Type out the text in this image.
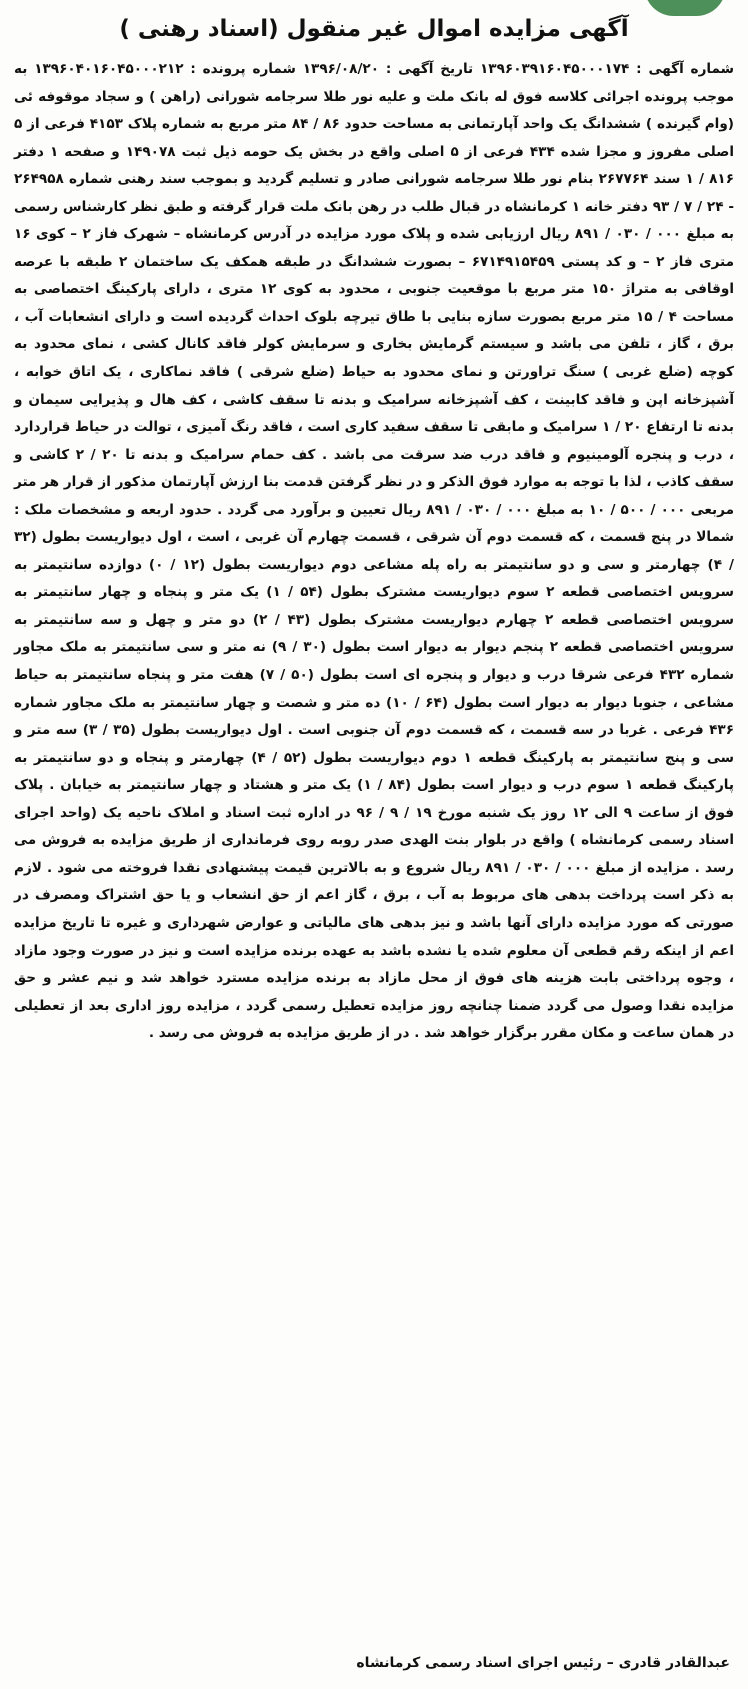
آگهی مزایده اموال غیر منقول (اسناد رهنی )
شماره آگهی : ۱۳۹۶۰۳۹۱۶۰۴۵۰۰۰۱۷۴ تاریخ آگهی : ۱۳۹۶/۰۸/۲۰ شماره پرونده : ۱۳۹۶۰۴۰۱۶۰۴۵۰۰۰۲۱۲ به موجب پرونده اجرائی کلاسه فوق له بانک ملت و علیه نور طلا سرجامه شورانی (راهن ) و سجاد موقوفه ئی (وام گیرنده ) ششدانگ یک واحد آپارتمانی به مساحت حدود ۸۶ / ۸۴ متر مربع به شماره پلاک ۴۱۵۳ فرعی از ۵ اصلی مفروز و مجزا شده ۴۳۴ فرعی از ۵ اصلی واقع در بخش یک حومه ذیل ثبت ۱۴۹۰۷۸ و صفحه ۱ دفتر ۸۱۶ / ۱ سند ۲۶۷۷۶۴ بنام نور طلا سرجامه شورانی صادر و تسلیم گردید و بموجب سند رهنی شماره ۲۶۴۹۵۸ - ۲۴ / ۷ / ۹۳ دفتر خانه ۱ کرمانشاه در قبال طلب در رهن بانک ملت قرار گرفته و طبق نظر کارشناس رسمی به مبلغ ۰۰۰ / ۰۳۰ / ۸۹۱ ریال ارزیابی شده و پلاک مورد مزایده در آدرس کرمانشاه – شهرک فاز ۲ – کوی ۱۶ متری فاز ۲ – و کد پستی ۶۷۱۴۹۱۵۴۵۹ – بصورت ششدانگ در طبقه همکف یک ساختمان ۲ طبقه با عرصه اوقافی به متراژ ۱۵۰ متر مربع با موقعیت جنوبی ، محدود به کوی ۱۲ متری ، دارای پارکینگ اختصاصی به مساحت ۴ / ۱۵ متر مربع بصورت سازه بنایی با طاق تیرچه بلوک احداث گردیده است و دارای انشعابات آب ، برق ، گاز ، تلفن می باشد و سیستم گرمایش بخاری و سرمایش کولر فاقد کانال کشی ، نمای محدود به کوچه (ضلع غربی ) سنگ تراورتن و نمای محدود به حیاط (ضلع شرقی ) فاقد نماکاری ، یک اتاق خوابه ، آشپزخانه اپن و فاقد کابینت ، کف آشپزخانه سرامیک و بدنه تا سقف کاشی ، کف هال و پذیرایی سیمان و بدنه تا ارتفاع ۲۰ / ۱ سرامیک و مابقی تا سقف سفید کاری است ، فاقد رنگ آمیزی ، توالت در حیاط قراردارد ، درب و پنجره آلومینیوم و فاقد درب ضد سرقت می باشد . کف حمام سرامیک و بدنه تا ۲۰ / ۲ کاشی و سقف کاذب ، لذا با توجه به موارد فوق الذکر و در نظر گرفتن قدمت بنا ارزش آپارتمان مذکور از قرار هر متر مربعی ۰۰۰ / ۵۰۰ / ۱۰ به مبلغ ۰۰۰ / ۰۳۰ / ۸۹۱ ریال تعیین و برآورد می گردد . حدود اربعه و مشخصات ملک : شمالا در پنج قسمت ، که قسمت دوم آن شرقی ، قسمت چهارم آن غربی ، است ، اول دیواریست بطول (۳۲ / ۴) چهارمتر و سی و دو سانتیمتر به راه پله مشاعی دوم دیواریست بطول (۱۲ / ۰) دوازده سانتیمتر به سرویس اختصاصی قطعه ۲ سوم دیواریست مشترک بطول (۵۴ / ۱) یک متر و پنجاه و چهار سانتیمتر به سرویس اختصاصی قطعه ۲ چهارم دیواریست مشترک بطول (۴۳ / ۲) دو متر و چهل و سه سانتیمتر به سرویس اختصاصی قطعه ۲ پنجم دیوار به دیوار است بطول (۳۰ / ۹) نه متر و سی سانتیمتر به ملک مجاور شماره ۴۳۲ فرعی شرقا درب و دیوار و پنجره ای است بطول (۵۰ / ۷) هفت متر و پنجاه سانتیمتر به حیاط مشاعی ، جنوبا دیوار به دیوار است بطول (۶۴ / ۱۰) ده متر و شصت و چهار سانتیمتر به ملک مجاور شماره ۴۳۶ فرعی . غربا در سه قسمت ، که قسمت دوم آن جنوبی است . اول دیواریست بطول (۳۵ / ۳) سه متر و سی و پنج سانتیمتر به پارکینگ قطعه ۱ دوم دیواریست بطول (۵۲ / ۴) چهارمتر و پنجاه و دو سانتیمتر به پارکینگ قطعه ۱ سوم درب و دیوار است بطول (۸۴ / ۱) یک متر و هشتاد و چهار سانتیمتر به خیابان . پلاک فوق از ساعت ۹ الی ۱۲ روز یک شنبه مورخ ۱۹ / ۹ / ۹۶ در اداره ثبت اسناد و املاک ناحیه یک (واحد اجرای اسناد رسمی کرمانشاه ) واقع در بلوار بنت الهدی صدر روبه روی فرمانداری از طریق مزایده به فروش می رسد . مزایده از مبلغ ۰۰۰ / ۰۳۰ / ۸۹۱ ریال شروع و به بالاترین قیمت پیشنهادی نقدا فروخته می شود . لازم به ذکر است پرداخت بدهی های مربوط به آب ، برق ، گاز اعم از حق انشعاب و یا حق اشتراک ومصرف در صورتی که مورد مزایده دارای آنها باشد و نیز بدهی های مالیاتی و عوارض شهرداری و غیره تا تاریخ مزایده اعم از اینکه رقم قطعی آن معلوم شده یا نشده باشد به عهده برنده مزایده است و نیز در صورت وجود مازاد ، وجوه پرداختی بابت هزینه های فوق از محل مازاد به برنده مزایده مسترد خواهد شد و نیم عشر و حق مزایده نقدا وصول می گردد ضمنا چنانچه روز مزایده تعطیل رسمی گردد ، مزایده روز اداری بعد از تعطیلی در همان ساعت و مکان مقرر برگزار خواهد شد . در از طریق مزایده به فروش می رسد .
عبدالقادر قادری – رئیس اجرای اسناد رسمی کرمانشاه
